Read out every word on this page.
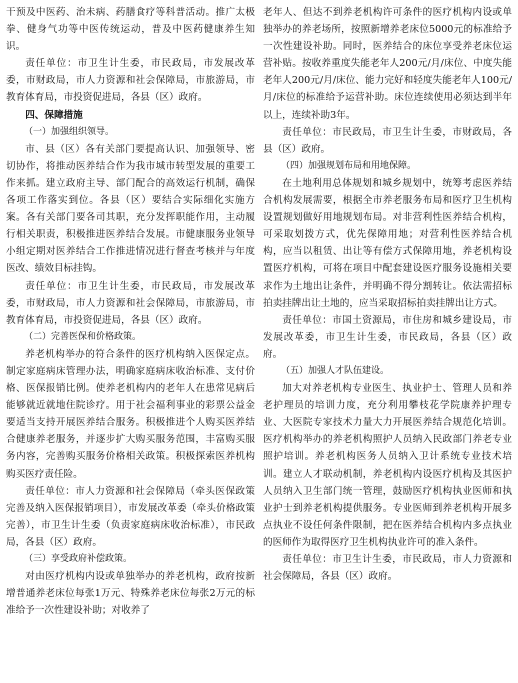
干预及中医药、治未病、药膳食疗等科普活动。推广太极拳、健身气功等中医传统运动，普及中医药健康养生知识。

责任单位：市卫生计生委，市民政局，市发展改革委，市财政局，市人力资源和社会保障局，市旅游局，市教育体育局，市投资促进局，各县（区）政府。

四、保障措施

（一）加强组织领导。

市、县（区）各有关部门要提高认识、加强领导、密切协作，将推动医养结合作为我市城市转型发展的重要工作来抓。建立政府主导、部门配合的高效运行机制，确保各项工作落实到位。各县（区）要结合实际细化实施方案。各有关部门要各司其职，充分发挥职能作用，主动履行相关职责，积极推进医养结合发展。市健康服务业领导小组定期对医养结合工作推进情况进行督查考核并与年度医改、绩效目标挂钩。

责任单位：市卫生计生委，市民政局，市发展改革委，市财政局，市人力资源和社会保障局，市旅游局，市教育体育局，市投资促进局，各县（区）政府。

（二）完善医保和价格政策。

养老机构举办的符合条件的医疗机构纳入医保定点。制定家庭病床管理办法，明确家庭病床收治标准、支付价格、医保报销比例。使养老机构内的老年人在患常见病后能够就近就地住院诊疗。用于社会福利事业的彩票公益金要适当支持开展医养结合服务。积极推进个人购买医养结合健康养老服务，并逐步扩大购买服务范围，丰富购买服务内容，完善购买服务价格相关政策。积极探索医养机构购买医疗责任险。

责任单位：市人力资源和社会保障局（牵头医保政策完善及纳入医保报销项目），市发展改革委（牵头价格政策完善），市卫生计生委（负责家庭病床收治标准），市民政局，各县（区）政府。

（三）享受政府补偿政策。

对由医疗机构内设或单独举办的养老机构，政府按新增普通养老床位每张1万元、特殊养老床位每张2万元的标准给予一次性建设补助；对收养了

老年人、但达不到养老机构许可条件的医疗机构内设或单独举办的养老场所，按照新增养老床位5000元的标准给予一次性建设补助。同时，医养结合的床位享受养老床位运营补贴。按收养重度失能老年人200元/月/床位、中度失能老年人200元/月/床位、能力完好和轻度失能老年人100元/月/床位的标准给予运营补助。床位连续使用必须达到半年以上，连续补助3年。

责任单位：市民政局，市卫生计生委，市财政局，各县（区）政府。

（四）加强规划布局和用地保障。

在土地利用总体规划和城乡规划中，统筹考虑医养结合机构发展需要，根据全市养老服务布局和医疗卫生机构设置规划做好用地规划布局。对非营利性医养结合机构，可采取划拨方式，优先保障用地；对营利性医养结合机构，应当以租赁、出让等有偿方式保障用地，养老机构设置医疗机构，可将在项目中配套建设医疗服务设施相关要求作为土地出让条件，并明确不得分割转让。依法需招标拍卖挂牌出让土地的，应当采取招标拍卖挂牌出让方式。

责任单位：市国土资源局，市住房和城乡建设局，市发展改革委，市卫生计生委，市民政局，各县（区）政府。

（五）加强人才队伍建设。

加大对养老机构专业医生、执业护士、管理人员和养老护理员的培训力度，充分利用攀枝花学院康养护理专业、大医院专家技术力量大力开展医养结合规范化培训。医疗机构举办的养老机构照护人员纳入民政部门养老专业照护培训。养老机构医务人员纳入卫计系统专业技术培训。建立人才联动机制，养老机构内设医疗机构及其医护人员纳入卫生部门统一管理，鼓励医疗机构执业医师和执业护士到养老机构提供服务。专业医师到养老机构开展多点执业不设任何条件限制，把在医养结合机构内多点执业的医师作为取得医疗卫生机构执业许可的准入条件。

责任单位：市卫生计生委，市民政局，市人力资源和社会保障局，各县（区）政府。
